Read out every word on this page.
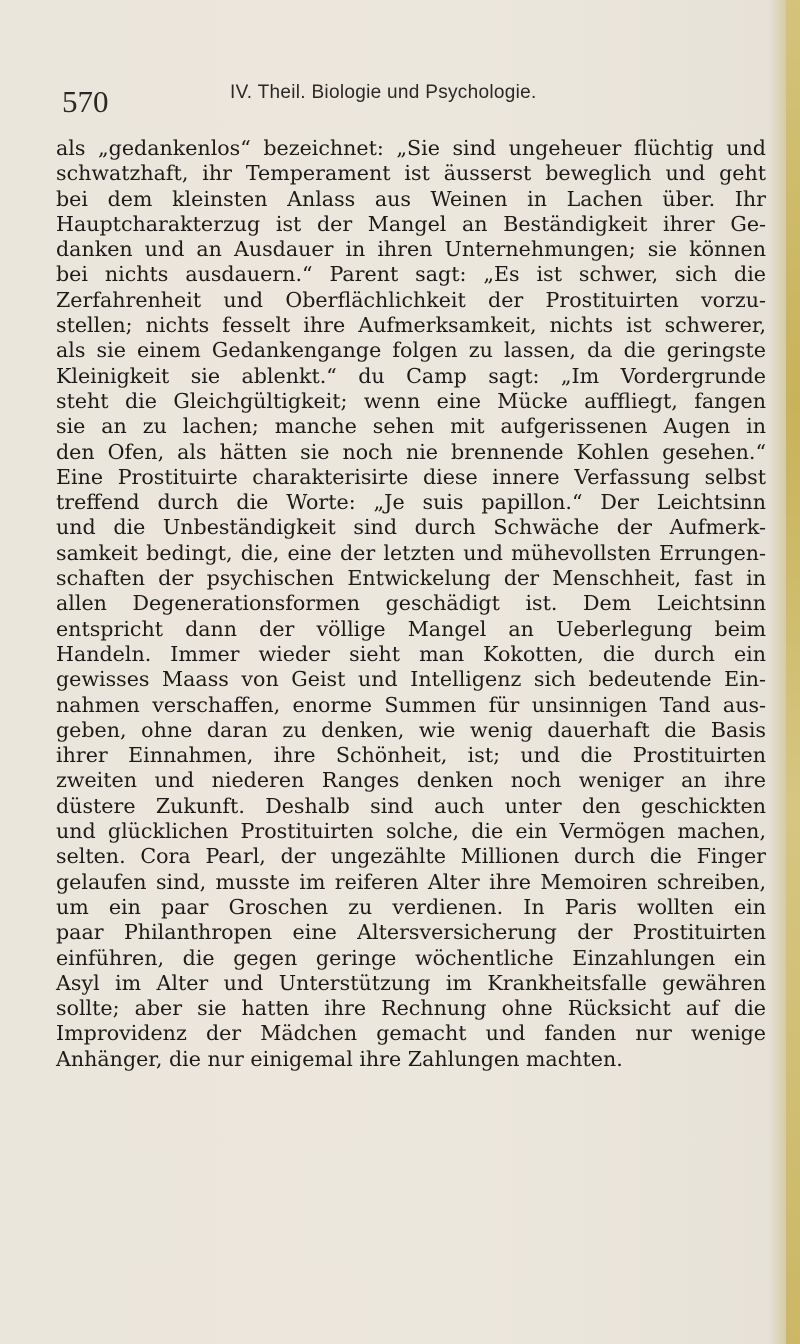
570	IV. Theil. Biologie und Psychologie.
als „gedankenlos“ bezeichnet: „Sie sind ungeheuer flüchtig und
schwatzhaft, ihr Temperament ist äusserst beweglich und geht
bei dem kleinsten Anlass aus Weinen in Lachen über. Ihr
Hauptcharakterzug ist der Mangel an Beständigkeit ihrer Ge-
danken und an Ausdauer in ihren Unternehmungen; sie können
bei nichts ausdauern.“ Parent sagt: „Es ist schwer, sich die
Zerfahrenheit und Oberflächlichkeit der Prostituirten vorzu-
stellen; nichts fesselt ihre Aufmerksamkeit, nichts ist schwerer,
als sie einem Gedankengange folgen zu lassen, da die geringste
Kleinigkeit sie ablenkt.“ du Camp sagt: „Im Vordergrunde
steht die Gleichgültigkeit; wenn eine Mücke auffliegt, fangen
sie an zu lachen; manche sehen mit aufgerissenen Augen in
den Ofen, als hätten sie noch nie brennende Kohlen gesehen.“
Eine Prostituirte charakterisirte diese innere Verfassung selbst
treffend durch die Worte: „Je suis papillon.“ Der Leichtsinn
und die Unbeständigkeit sind durch Schwäche der Aufmerk-
samkeit bedingt, die, eine der letzten und mühevollsten Errungen-
schaften der psychischen Entwickelung der Menschheit, fast in
allen Degenerationsformen geschädigt ist. Dem Leichtsinn
entspricht dann der völlige Mangel an Ueberlegung beim
Handeln. Immer wieder sieht man Kokotten, die durch ein
gewisses Maass von Geist und Intelligenz sich bedeutende Ein-
nahmen verschaffen, enorme Summen für unsinnigen Tand aus-
geben, ohne daran zu denken, wie wenig dauerhaft die Basis
ihrer Einnahmen, ihre Schönheit, ist; und die Prostituirten
zweiten und niederen Ranges denken noch weniger an ihre
düstere Zukunft. Deshalb sind auch unter den geschickten
und glücklichen Prostituirten solche, die ein Vermögen machen,
selten. Cora Pearl, der ungezählte Millionen durch die Finger
gelaufen sind, musste im reiferen Alter ihre Memoiren schreiben,
um ein paar Groschen zu verdienen. In Paris wollten ein
paar Philanthropen eine Altersversicherung der Prostituirten
einführen, die gegen geringe wöchentliche Einzahlungen ein
Asyl im Alter und Unterstützung im Krankheitsfalle gewähren
sollte; aber sie hatten ihre Rechnung ohne Rücksicht auf die
Improvidenz der Mädchen gemacht und fanden nur wenige
Anhänger, die nur einigemal ihre Zahlungen machten.
